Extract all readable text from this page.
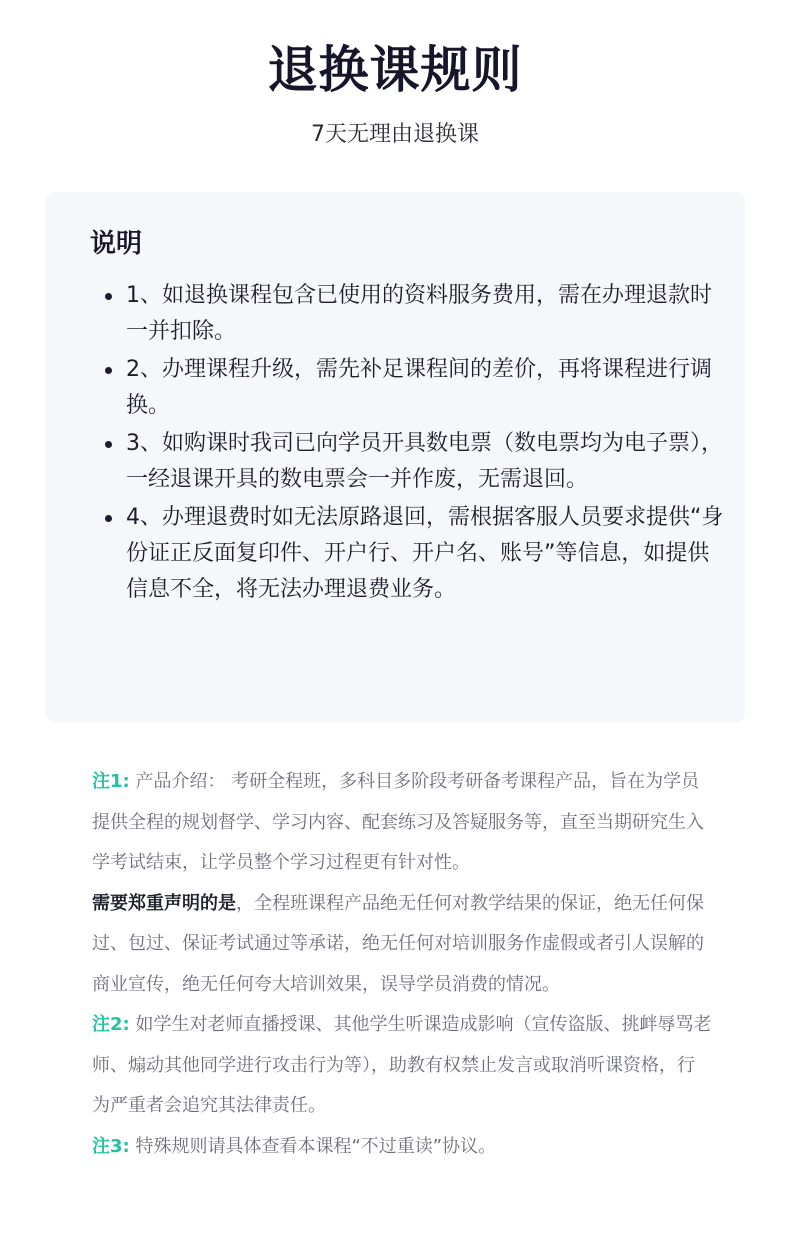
退换课规则
7天无理由退换课
说明
1、如退换课程包含已使用的资料服务费用，需在办理退款时一并扣除。
2、办理课程升级，需先补足课程间的差价，再将课程进行调换。
3、如购课时我司已向学员开具数电票（数电票均为电子票），一经退课开具的数电票会一并作废，无需退回。
4、办理退费时如无法原路退回，需根据客服人员要求提供“身份证正反面复印件、开户行、开户名、账号”等信息，如提供信息不全，将无法办理退费业务。

注1: 产品介绍： 考研全程班，多科目多阶段考研备考课程产品，旨在为学员提供全程的规划督学、学习内容、配套练习及答疑服务等，直至当期研究生入学考试结束，让学员整个学习过程更有针对性。

需要郑重声明的是，全程班课程产品绝无任何对教学结果的保证，绝无任何保过、包过、保证考试通过等承诺，绝无任何对培训服务作虚假或者引人误解的商业宣传，绝无任何夸大培训效果，误导学员消费的情况。

注2: 如学生对老师直播授课、其他学生听课造成影响（宣传盗版、挑衅辱骂老师、煽动其他同学进行攻击行为等），助教有权禁止发言或取消听课资格，行为严重者会追究其法律责任。

注3: 特殊规则请具体查看本课程“不过重读”协议。
